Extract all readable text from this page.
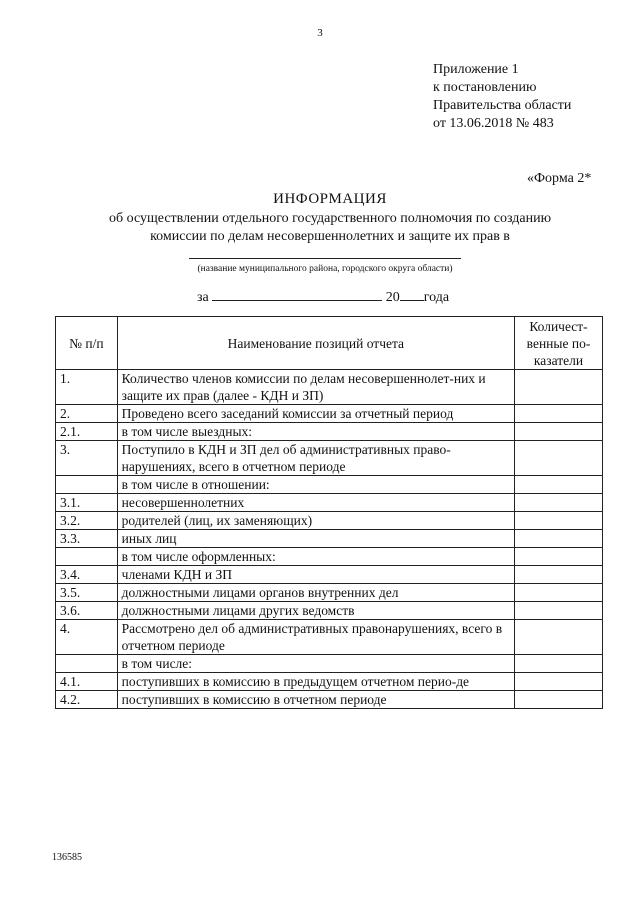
3
Приложение 1
к постановлению
Правительства области
от 13.06.2018 № 483
«Форма 2*
ИНФОРМАЦИЯ
об осуществлении отдельного государственного полномочия по созданию
комиссии по делам несовершеннолетних и защите их прав в
(название муниципального района, городского округа области)
за	20 года
№ п/п	Наименование позиций отчета	Количест-венные по-казатели
1.	Количество членов комиссии по делам несовершеннолет-них и защите их прав (далее - КДН и ЗП)	
2.	Проведено всего заседаний комиссии за отчетный период	
2.1.	в том числе выездных:	
3.	Поступило в КДН и ЗП дел об административных право-нарушениях, всего в отчетном периоде	
	в том числе в отношении:	
3.1.	несовершеннолетних	
3.2.	родителей (лиц, их заменяющих)	
3.3.	иных лиц	
	в том числе оформленных:	
3.4.	членами КДН и ЗП	
3.5.	должностными лицами органов внутренних дел	
3.6.	должностными лицами других ведомств	
4.	Рассмотрено дел об административных правонарушениях, всего в отчетном периоде	
	в том числе:	
4.1.	поступивших в комиссию в предыдущем отчетном перио-де	
4.2.	поступивших в комиссию в отчетном периоде	
136585
